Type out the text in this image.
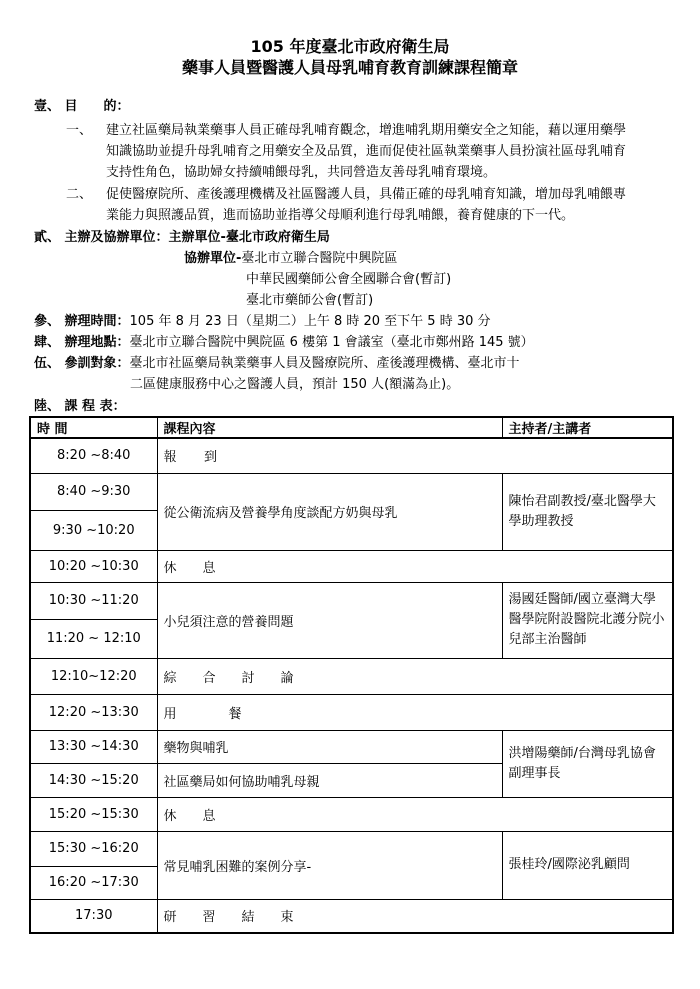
105 年度臺北市政府衛生局
藥事人員暨醫護人員母乳哺育教育訓練課程簡章
壹、 目　　的：
一、 建立社區藥局執業藥事人員正確母乳哺育觀念，增進哺乳期用藥安全之知能，藉以運用藥學
知識協助並提升母乳哺育之用藥安全及品質，進而促使社區執業藥事人員扮演社區母乳哺育
支持性角色，協助婦女持續哺餵母乳，共同營造友善母乳哺育環境。
二、 促使醫療院所、產後護理機構及社區醫護人員，具備正確的母乳哺育知識，增加母乳哺餵專
業能力與照護品質，進而協助並指導父母順利進行母乳哺餵，養育健康的下一代。
貳、 主辦及協辦單位：主辦單位-臺北市政府衛生局
協辦單位-臺北市立聯合醫院中興院區
中華民國藥師公會全國聯合會(暫訂)
臺北市藥師公會(暫訂)
參、 辦理時間：105 年 8 月 23 日（星期二）上午 8 時 20 至下午 5 時 30 分
肆、 辦理地點：臺北市立聯合醫院中興院區 6 樓第 1 會議室（臺北市鄭州路 145 號）
伍、 參訓對象：臺北市社區藥局執業藥事人員及醫療院所、產後護理機構、臺北市十
二區健康服務中心之醫護人員，預計 150 人(額滿為止)。
陸、 課 程 表：
時 間	課程內容	主持者/主講者
8:20 ~8:40	報　　到	
8:40 ~9:30	從公衛流病及營養學角度談配方奶與母乳	陳怡君副教授/臺北醫學大學助理教授
9:30 ~10:20		
10:20 ~10:30	休　　息	
10:30 ~11:20	小兒須注意的營養問題	湯國廷醫師/國立臺灣大學醫學院附設醫院北護分院小兒部主治醫師
11:20 ~ 12:10		
12:10~12:20	綜　　合　　討　　論	
12:20 ~13:30	用　　　　餐	
13:30 ~14:30	藥物與哺乳	洪增陽藥師/台灣母乳協會副理事長
14:30 ~15:20	社區藥局如何協助哺乳母親	
15:20 ~15:30	休　　息	
15:30 ~16:20	常見哺乳困難的案例分享-	張桂玲/國際泌乳顧問
16:20 ~17:30		
17:30	研　　習　　結　　束	
